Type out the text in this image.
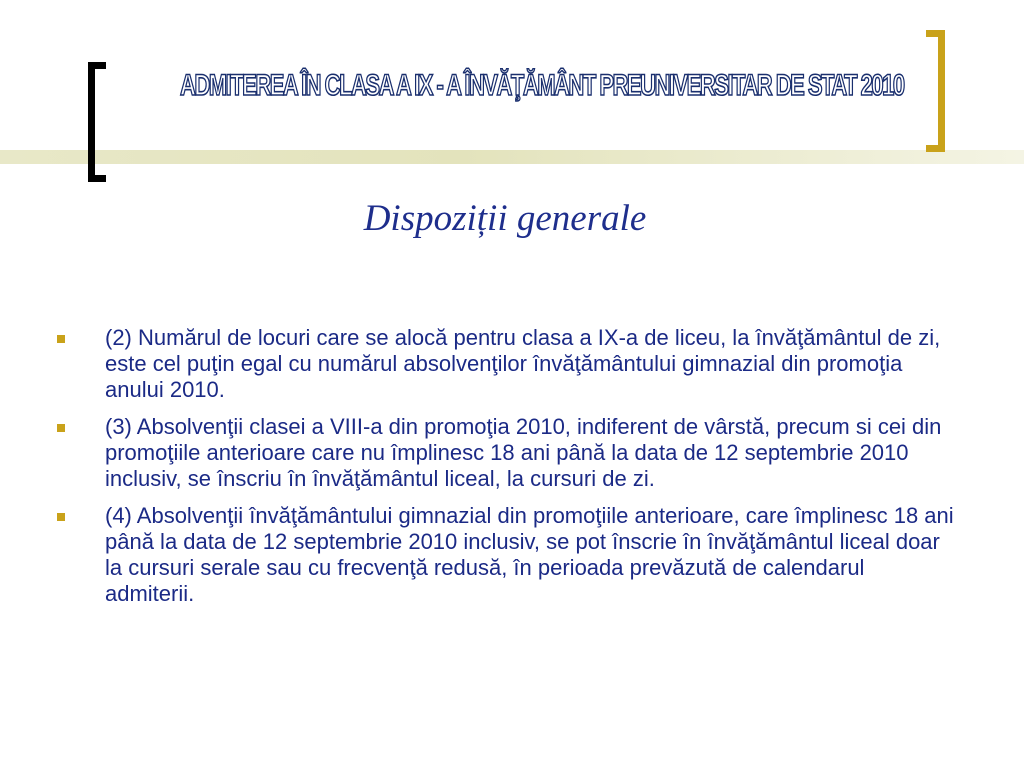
ADMITEREA ÎN CLASA A IX - A ÎNVĂŢĂMÂNT PREUNIVERSITAR DE STAT 2010
Dispoziții generale
(2) Numărul de locuri care se alocă pentru clasa a IX-a de liceu, la învăţământul de zi, este cel puţin egal cu numărul absolvenţilor învăţământului gimnazial din promoţia anului 2010.
(3) Absolvenţii clasei a VIII-a din promoţia 2010, indiferent de vârstă, precum si cei din promoţiile anterioare care nu împlinesc 18 ani până la data de 12 septembrie 2010 inclusiv, se înscriu în învăţământul liceal, la cursuri de zi.
(4) Absolvenţii învăţământului gimnazial din promoţiile anterioare, care împlinesc 18 ani până la data de 12 septembrie 2010 inclusiv, se pot înscrie în învăţământul liceal doar la cursuri serale sau cu frecvenţă redusă, în perioada prevăzută de calendarul admiterii.
